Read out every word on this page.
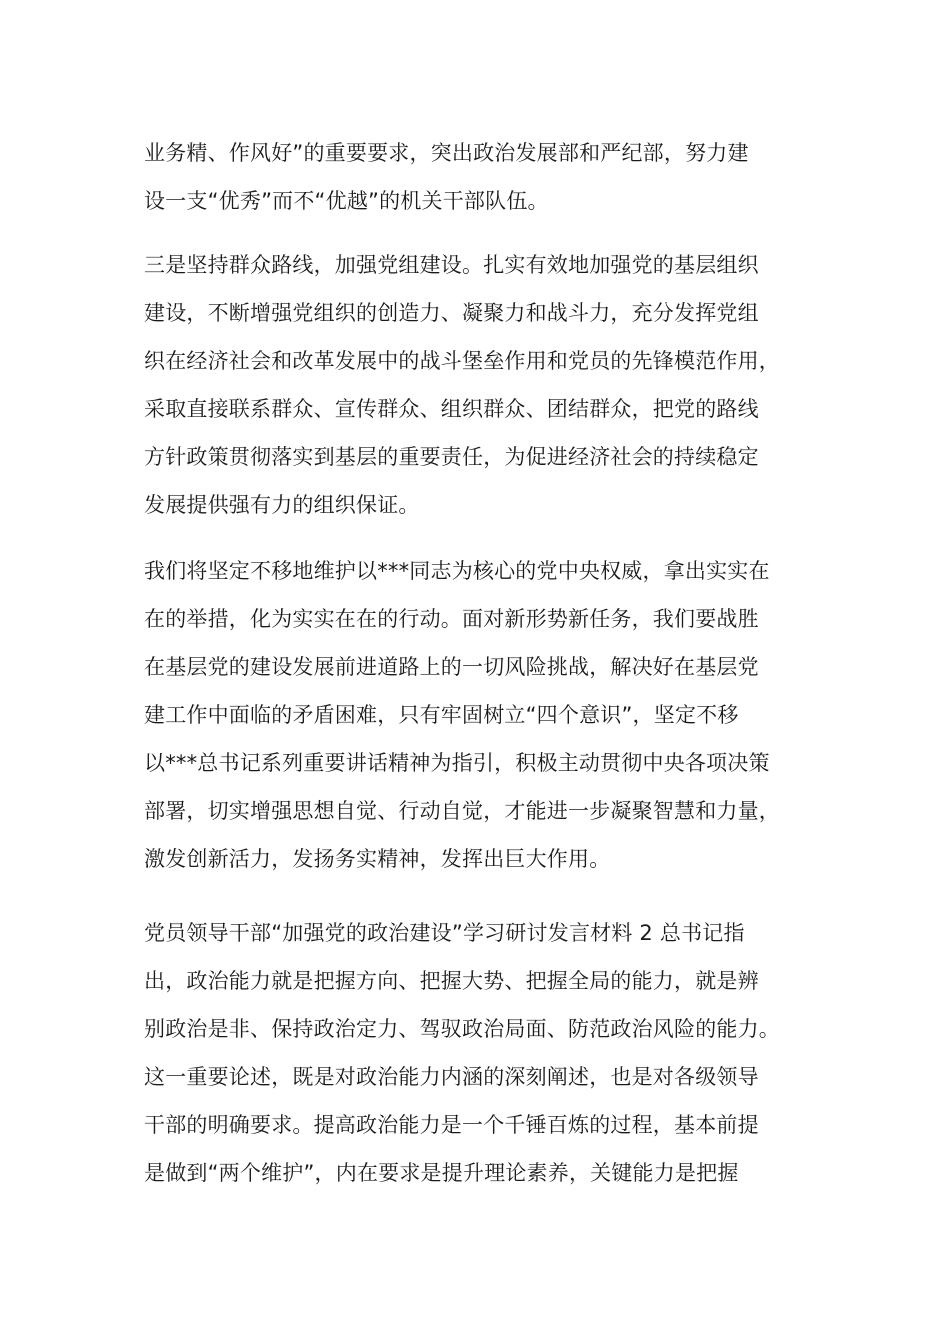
业务精、作风好”的重要要求，突出政治发展部和严纪部，努力建
设一支“优秀”而不“优越”的机关干部队伍。
三是坚持群众路线，加强党组建设。扎实有效地加强党的基层组织
建设，不断增强党组织的创造力、凝聚力和战斗力，充分发挥党组
织在经济社会和改革发展中的战斗堡垒作用和党员的先锋模范作用，
采取直接联系群众、宣传群众、组织群众、团结群众，把党的路线
方针政策贯彻落实到基层的重要责任，为促进经济社会的持续稳定
发展提供强有力的组织保证。
我们将坚定不移地维护以***同志为核心的党中央权威，拿出实实在
在的举措，化为实实在在的行动。面对新形势新任务，我们要战胜
在基层党的建设发展前进道路上的一切风险挑战，解决好在基层党
建工作中面临的矛盾困难，只有牢固树立“四个意识”，坚定不移
以***总书记系列重要讲话精神为指引，积极主动贯彻中央各项决策
部署，切实增强思想自觉、行动自觉，才能进一步凝聚智慧和力量，
激发创新活力，发扬务实精神，发挥出巨大作用。
党员领导干部“加强党的政治建设”学习研讨发言材料 2 总书记指
出，政治能力就是把握方向、把握大势、把握全局的能力，就是辨
别政治是非、保持政治定力、驾驭政治局面、防范政治风险的能力。
这一重要论述，既是对政治能力内涵的深刻阐述，也是对各级领导
干部的明确要求。提高政治能力是一个千锤百炼的过程，基本前提
是做到“两个维护”，内在要求是提升理论素养，关键能力是把握
